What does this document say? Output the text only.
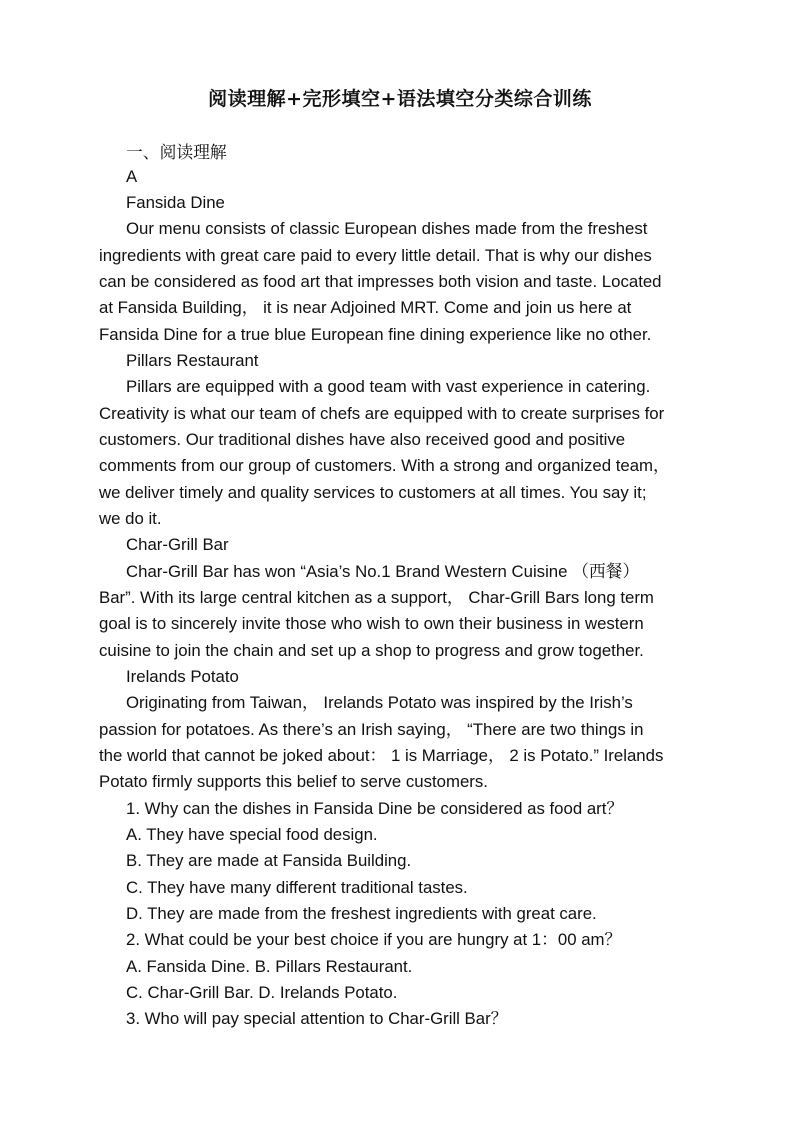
阅读理解+完形填空+语法填空分类综合训练
一、阅读理解
A
Fansida Dine
Our menu consists of classic European dishes made from the freshest
ingredients with great care paid to every little detail. That is why our dishes
can be considered as food art that impresses both vision and taste. Located
at Fansida Building， it is near Adjoined MRT. Come and join us here at
Fansida Dine for a true blue European fine dining experience like no other.
Pillars Restaurant
Pillars are equipped with a good team with vast experience in catering.
Creativity is what our team of chefs are equipped with to create surprises for
customers. Our traditional dishes have also received good and positive
comments from our group of customers. With a strong and organized team，
we deliver timely and quality services to customers at all times. You say it;
we do it.
Char-Grill Bar
Char-Grill Bar has won “Asia’s No.1 Brand Western Cuisine （西餐）
Bar”. With its large central kitchen as a support， Char-Grill Bars long term
goal is to sincerely invite those who wish to own their business in western
cuisine to join the chain and set up a shop to progress and grow together.
Irelands Potato
Originating from Taiwan， Irelands Potato was inspired by the Irish’s
passion for potatoes. As there’s an Irish saying， “There are two things in
the world that cannot be joked about： 1 is Marriage， 2 is Potato.” Irelands
Potato firmly supports this belief to serve customers.
1. Why can the dishes in Fansida Dine be considered as food art？
A. They have special food design.
B. They are made at Fansida Building.
C. They have many different traditional tastes.
D. They are made from the freshest ingredients with great care.
2. What could be your best choice if you are hungry at 1：00 am？
A. Fansida Dine. B. Pillars Restaurant.
C. Char-Grill Bar. D. Irelands Potato.
3. Who will pay special attention to Char-Grill Bar？
